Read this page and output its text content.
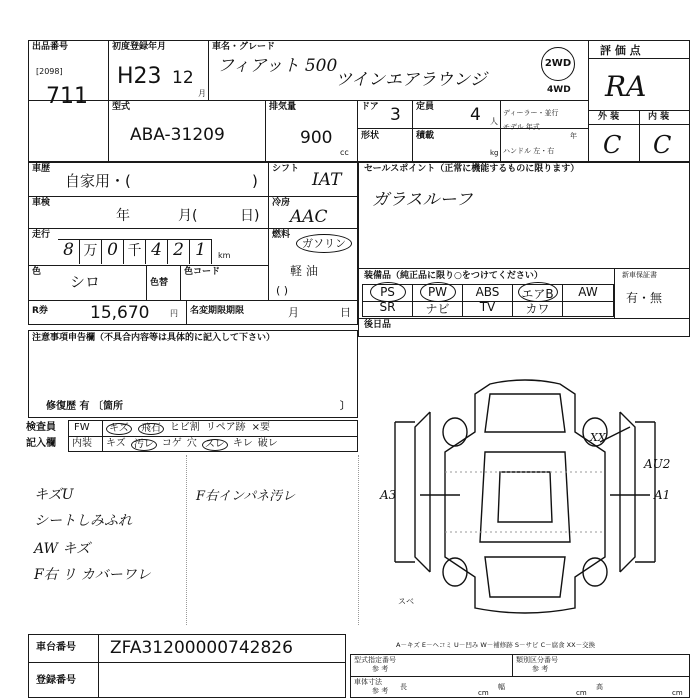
出品番号
[2098]
711
初度登録年月
H23 12
月
車名・グレード
フィアット 500
ツインエアラウンジ
2WD
4WD
評 価 点
RA
外 装	内 装
C C
型式
ABA-31209
排気量
900
cc
ドア 3 定員 4 人
ディーラー・並行
モデル 年式
年
形状	積載
kg ハンドル 左・右
車歴
自家用・(	)
シフト
IAT
車検
年	月(	日)
冷房
AAC
走行
8 万 0 千 4 2 1	km
燃料
ガソリン
軽 油
( )
色
シロ	色替
色コード
R券 15,670	円 名変期限期限	月	日
セールスポイント（正常に機能するものに限ります）
ガラスルーフ
装備品（純正品に限り○をつけてください）	新車保証書
有・無
PS	PW	ABS	エアB	AW
SR	ナビ	TV	カワ
後日品
注意事項申告欄（不具合内容等は具体的に記入して下さい）
修復歴 有 〔箇所	〕
検査員
記入欄
FW
内装
キズ	飛石 ヒビ割 リペア跡 ×要
キズ 汚レ コゲ 穴 スレ キレ 破レ
キズU
シートしみふれ
AW キズ
F右 リ カバーワレ
F右インパネ汚レ
XX
AU2
A1
A3
スベ
車台番号 ZFA31200000742826
登録番号
A－キズ E－ヘコミ U－凹み W－補修跡 S－サビ C－腐食 XX－交換
型式指定番号
参 考
類別区分番号
参 考
車体寸法
参 考 長
cm
幅
cm
高
cm
